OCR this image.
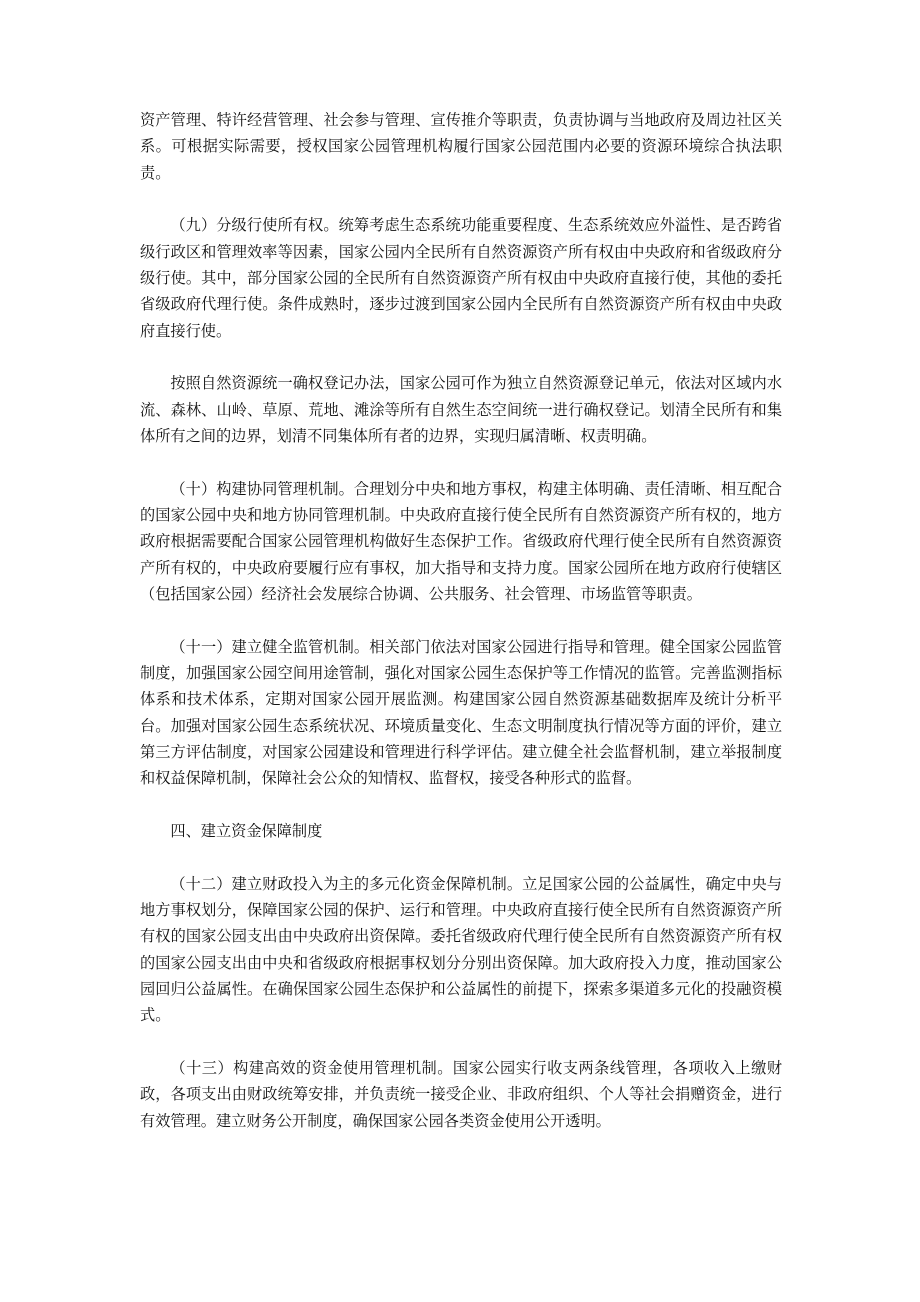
资产管理、特许经营管理、社会参与管理、宣传推介等职责，负责协调与当地政府及周边社区关系。可根据实际需要，授权国家公园管理机构履行国家公园范围内必要的资源环境综合执法职责。

（九）分级行使所有权。统筹考虑生态系统功能重要程度、生态系统效应外溢性、是否跨省级行政区和管理效率等因素，国家公园内全民所有自然资源资产所有权由中央政府和省级政府分级行使。其中，部分国家公园的全民所有自然资源资产所有权由中央政府直接行使，其他的委托省级政府代理行使。条件成熟时，逐步过渡到国家公园内全民所有自然资源资产所有权由中央政府直接行使。

按照自然资源统一确权登记办法，国家公园可作为独立自然资源登记单元，依法对区域内水流、森林、山岭、草原、荒地、滩涂等所有自然生态空间统一进行确权登记。划清全民所有和集体所有之间的边界，划清不同集体所有者的边界，实现归属清晰、权责明确。

（十）构建协同管理机制。合理划分中央和地方事权，构建主体明确、责任清晰、相互配合的国家公园中央和地方协同管理机制。中央政府直接行使全民所有自然资源资产所有权的，地方政府根据需要配合国家公园管理机构做好生态保护工作。省级政府代理行使全民所有自然资源资产所有权的，中央政府要履行应有事权，加大指导和支持力度。国家公园所在地方政府行使辖区（包括国家公园）经济社会发展综合协调、公共服务、社会管理、市场监管等职责。

（十一）建立健全监管机制。相关部门依法对国家公园进行指导和管理。健全国家公园监管制度，加强国家公园空间用途管制，强化对国家公园生态保护等工作情况的监管。完善监测指标体系和技术体系，定期对国家公园开展监测。构建国家公园自然资源基础数据库及统计分析平台。加强对国家公园生态系统状况、环境质量变化、生态文明制度执行情况等方面的评价，建立第三方评估制度，对国家公园建设和管理进行科学评估。建立健全社会监督机制，建立举报制度和权益保障机制，保障社会公众的知情权、监督权，接受各种形式的监督。

四、建立资金保障制度

（十二）建立财政投入为主的多元化资金保障机制。立足国家公园的公益属性，确定中央与地方事权划分，保障国家公园的保护、运行和管理。中央政府直接行使全民所有自然资源资产所有权的国家公园支出由中央政府出资保障。委托省级政府代理行使全民所有自然资源资产所有权的国家公园支出由中央和省级政府根据事权划分分别出资保障。加大政府投入力度，推动国家公园回归公益属性。在确保国家公园生态保护和公益属性的前提下，探索多渠道多元化的投融资模式。

（十三）构建高效的资金使用管理机制。国家公园实行收支两条线管理，各项收入上缴财政，各项支出由财政统筹安排，并负责统一接受企业、非政府组织、个人等社会捐赠资金，进行有效管理。建立财务公开制度，确保国家公园各类资金使用公开透明。
